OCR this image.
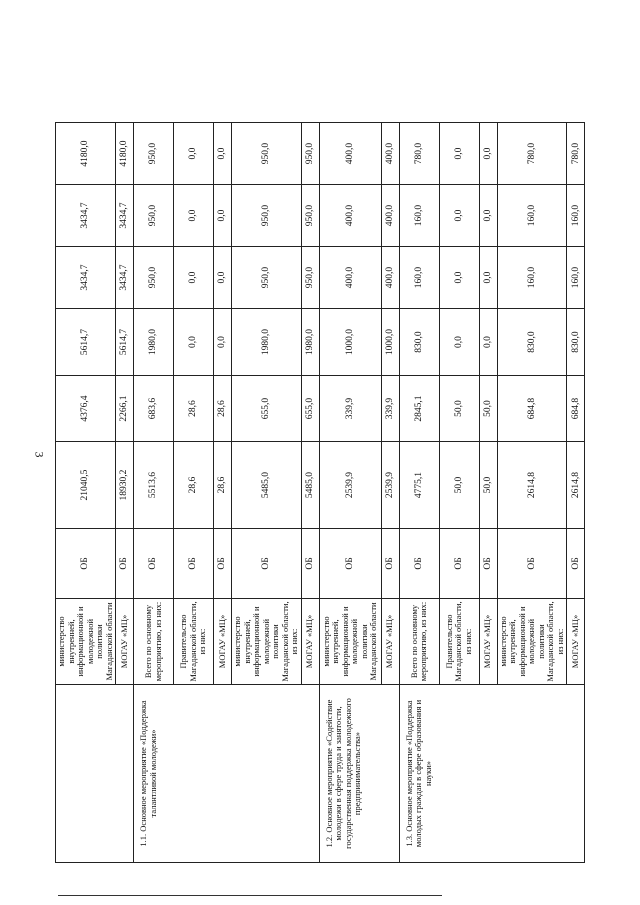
3
	министерство внутренней, информационной и молодежной политики Магаданской области	ОБ	21040,5	4376,4	5614,7	3434,7	3434,7	4180,0
	МОГАУ «МЦ»	ОБ	18930,2	2266,1	5614,7	3434,7	3434,7	4180,0
1.1. Основное мероприятие «Поддержка талантливой молодежи»	Всего по основному мероприятию, из них:	ОБ	5513,6	683,6	1980,0	950,0	950,0	950,0
	Правительство Магаданской области, из них:	ОБ	28,6	28,6	0,0	0,0	0,0	0,0
	МОГАУ «МЦ»	ОБ	28,6	28,6	0,0	0,0	0,0	0,0
	министерство внутренней, информационной и молодежной политики Магаданской области, из них:	ОБ	5485,0	655,0	1980,0	950,0	950,0	950,0
	МОГАУ «МЦ»	ОБ	5485,0	655,0	1980,0	950,0	950,0	950,0
1.2. Основное мероприятие «Содействие молодежи в сфере труда и занятости, государственная поддержка молодежного предпринимательства»	министерство внутренней, информационной и молодежной политики Магаданской области	ОБ	2539,9	339,9	1000,0	400,0	400,0	400,0
	МОГАУ «МЦ»	ОБ	2539,9	339,9	1000,0	400,0	400,0	400,0
1.3. Основное мероприятие «Поддержка молодых граждан в сфере образования и науки»	Всего по основному мероприятию, из них:	ОБ	4775,1	2845,1	830,0	160,0	160,0	780,0
	Правительство Магаданской области, из них:	ОБ	50,0	50,0	0,0	0,0	0,0	0,0
	МОГАУ «МЦ»	ОБ	50,0	50,0	0,0	0,0	0,0	0,0
	министерство внутренней, информационной и молодежной политики Магаданской области, из них:	ОБ	2614,8	684,8	830,0	160,0	160,0	780,0
	МОГАУ «МЦ»	ОБ	2614,8	684,8	830,0	160,0	160,0	780,0
